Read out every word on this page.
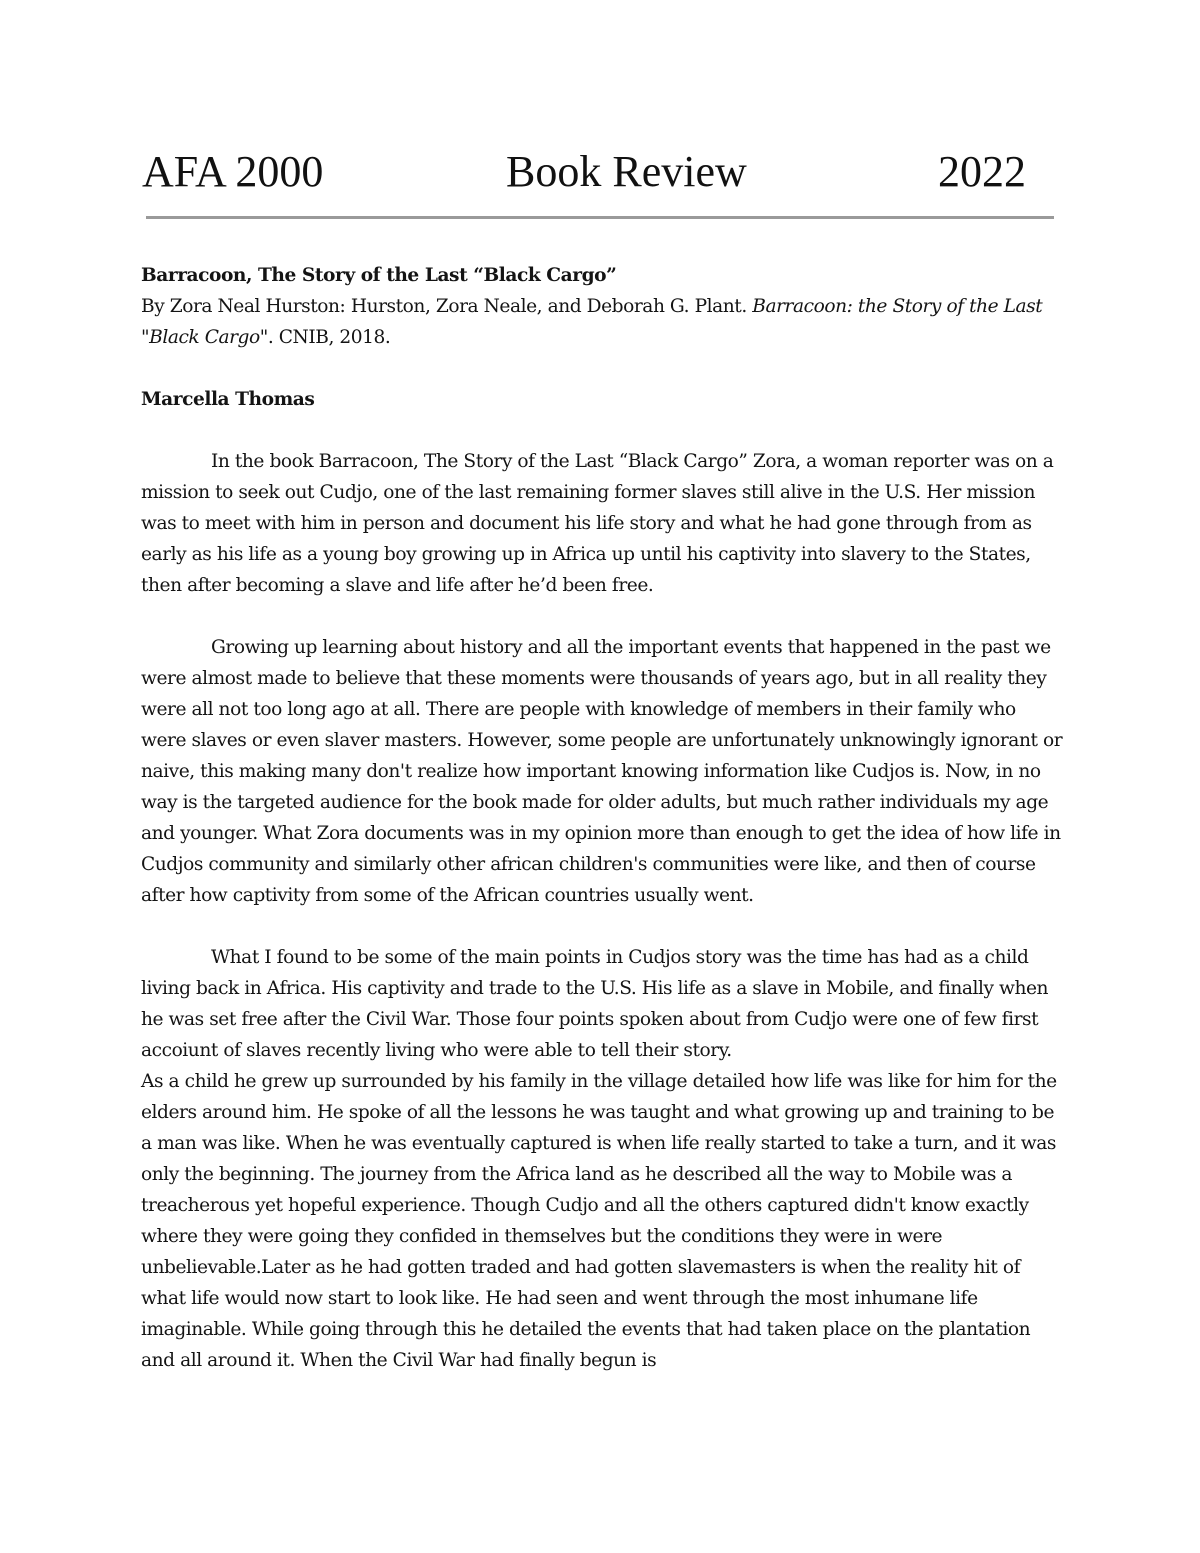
AFA 2000	Book Review	2022

Barracoon, The Story of the Last “Black Cargo”

By Zora Neal Hurston: Hurston, Zora Neale, and Deborah G. Plant. Barracoon: the Story of the Last "Black Cargo". CNIB, 2018.

Marcella Thomas

In the book Barracoon, The Story of the Last “Black Cargo” Zora, a woman reporter was on a mission to seek out Cudjo, one of the last remaining former slaves still alive in the U.S. Her mission was to meet with him in person and document his life story and what he had gone through from as early as his life as a young boy growing up in Africa up until his captivity into slavery to the States, then after becoming a slave and life after he’d been free.

Growing up learning about history and all the important events that happened in the past we were almost made to believe that these moments were thousands of years ago, but in all reality they were all not too long ago at all. There are people with knowledge of members in their family who were slaves or even slaver masters. However, some people are unfortunately unknowingly ignorant or naive, this making many don't realize how important knowing information like Cudjos is. Now, in no way is the targeted audience for the book made for older adults, but much rather individuals my age and younger. What Zora documents was in my opinion more than enough to get the idea of how life in Cudjos community and similarly other african children's communities were like, and then of course after how captivity from some of the African countries usually went.

What I found to be some of the main points in Cudjos story was the time has had as a child living back in Africa. His captivity and trade to the U.S. His life as a slave in Mobile, and finally when he was set free after the Civil War. Those four points spoken about from Cudjo were one of few first accoiunt of slaves recently living who were able to tell their story.

As a child he grew up surrounded by his family in the village detailed how life was like for him for the elders around him. He spoke of all the lessons he was taught and what growing up and training to be a man was like. When he was eventually captured is when life really started to take a turn, and it was only the beginning. The journey from the Africa land as he described all the way to Mobile was a treacherous yet hopeful experience. Though Cudjo and all the others captured didn't know exactly where they were going they confided in themselves but the conditions they were in were unbelievable.Later as he had gotten traded and had gotten slavemasters is when the reality hit of what life would now start to look like. He had seen and went through the most inhumane life imaginable. While going through this he detailed the events that had taken place on the plantation and all around it. When the Civil War had finally begun is
